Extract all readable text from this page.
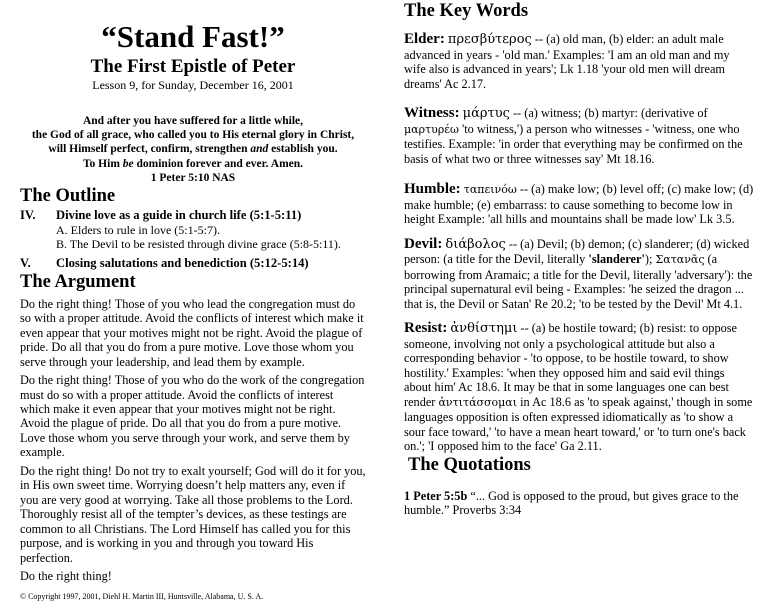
“Stand Fast!”
The First Epistle of Peter
Lesson 9, for Sunday, December 16, 2001
And after you have suffered for a little while,
the God of all grace, who called you to His eternal glory in Christ,
will Himself perfect, confirm, strengthen and establish you.
To Him be dominion forever and ever. Amen.
1 Peter 5:10 NAS
The Outline
IV.	Divine love as a guide in church life (5:1-5:11)
A. Elders to rule in love (5:1-5:7).
B. The Devil to be resisted through divine grace (5:8-5:11).
V.	Closing salutations and benediction (5:12-5:14)
The Argument

Do the right thing! Those of you who lead the congregation must do so with a proper attitude. Avoid the conflicts of interest which make it even appear that your motives might not be right. Avoid the plague of pride. Do all that you do from a pure motive. Love those whom you serve through your leadership, and lead them by example.

Do the right thing! Those of you who do the work of the congregation must do so with a proper attitude. Avoid the conflicts of interest which make it even appear that your motives might not be right. Avoid the plague of pride. Do all that you do from a pure motive. Love those whom you serve through your work, and serve them by example.

Do the right thing! Do not try to exalt yourself; God will do it for you, in His own sweet time. Worrying doesn’t help matters any, even if you are very good at worrying. Take all those problems to the Lord. Thoroughly resist all of the tempter’s devices, as these testings are common to all Christians. The Lord Himself has called you for this purpose, and is working in you and through you toward His perfection.

Do the right thing!

© Copyright 1997, 2001, Diehl H. Martin III, Huntsville, Alabama, U. S. A.
The Key Words

Elder: πρεσβύτερος -- (a) old man, (b) elder: an adult male advanced in years - 'old man.' Examples: 'I am an old man and my wife also is advanced in years'; Lk 1.18 'your old men will dream dreams' Ac 2.17.

Witness: μάρτυς -- (a) witness; (b) martyr: (derivative of μαρτυρέω 'to witness,') a person who witnesses - 'witness, one who testifies. Example: 'in order that everything may be confirmed on the basis of what two or three witnesses say' Mt 18.16.

Humble: ταπεινόω -- (a) make low; (b) level off; (c) make low; (d) make humble; (e) embarrass: to cause something to become low in height Example: 'all hills and mountains shall be made low' Lk 3.5.

Devil: διάβολος -- (a) Devil; (b) demon; (c) slanderer; (d) wicked person: (a title for the Devil, literally 'slanderer'); Σατανᾶς (a borrowing from Aramaic; a title for the Devil, literally 'adversary'): the principal supernatural evil being - Examples: 'he seized the dragon ... that is, the Devil or Satan' Re 20.2; 'to be tested by the Devil' Mt 4.1.

Resist: ἀνθίστημι -- (a) be hostile toward; (b) resist: to oppose someone, involving not only a psychological attitude but also a corresponding behavior - 'to oppose, to be hostile toward, to show hostility.' Examples: 'when they opposed him and said evil things about him' Ac 18.6. It may be that in some languages one can best render ἀντιτάσσομαι in Ac 18.6 as 'to speak against,' though in some languages opposition is often expressed idiomatically as 'to show a sour face toward,' 'to have a mean heart toward,' or 'to turn one's back on.'; 'I opposed him to the face' Ga 2.11.

The Quotations
1 Peter 5:5b “... God is opposed to the proud, but gives grace to the humble.” Proverbs 3:34
